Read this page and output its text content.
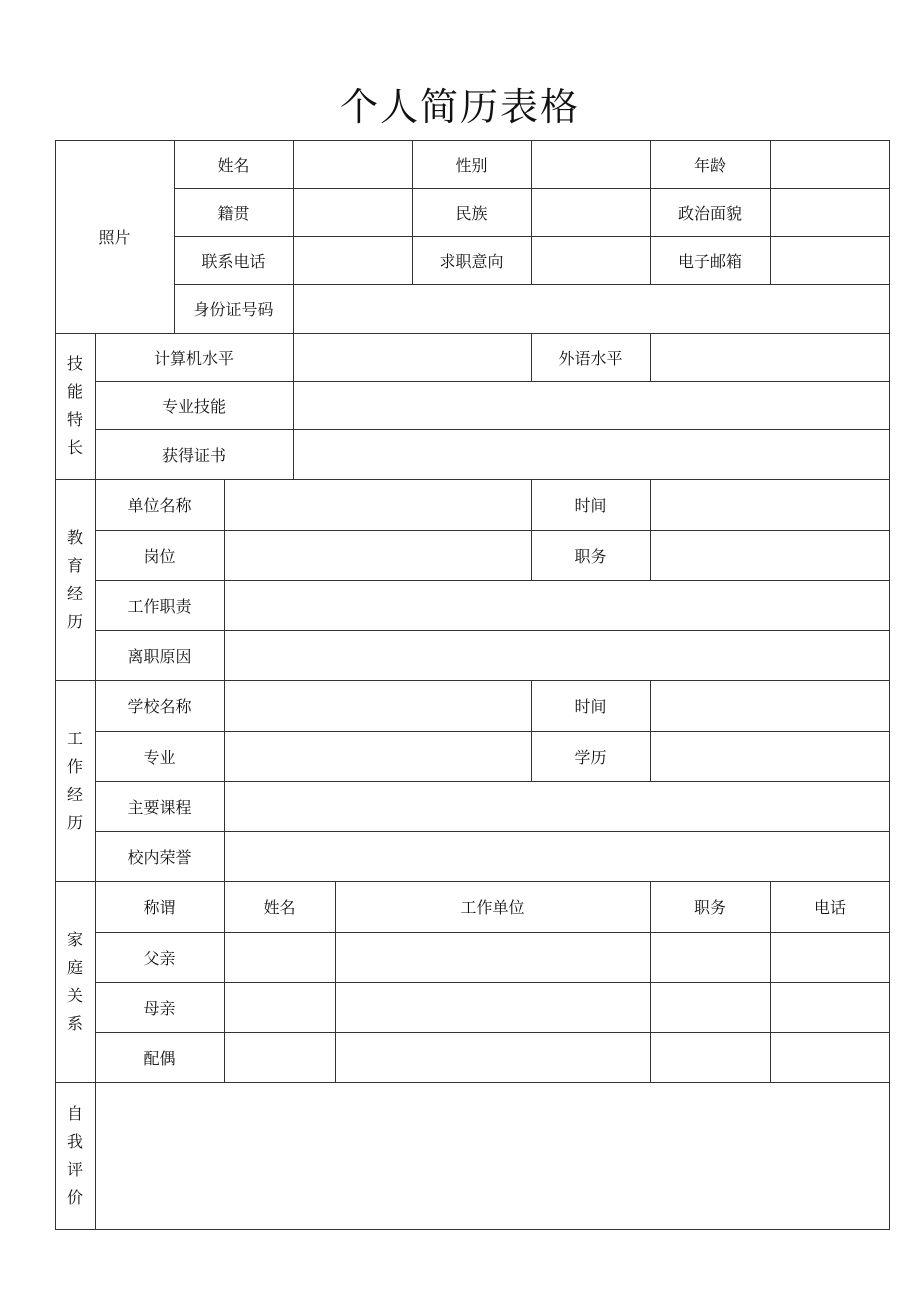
个人简历表格
照片
姓名	性别	年龄
籍贯	民族	政治面貌
联系电话	求职意向	电子邮箱
身份证号码
技
能
特
长
计算机水平	外语水平
专业技能
获得证书
教
育
经
历
单位名称	时间
岗位	职务
工作职责
离职原因
工
作
经
历
学校名称	时间
专业	学历
主要课程
校内荣誉
家
庭
关
系
称谓	姓名	工作单位	职务	电话
父亲
母亲
配偶
自
我
评
价
